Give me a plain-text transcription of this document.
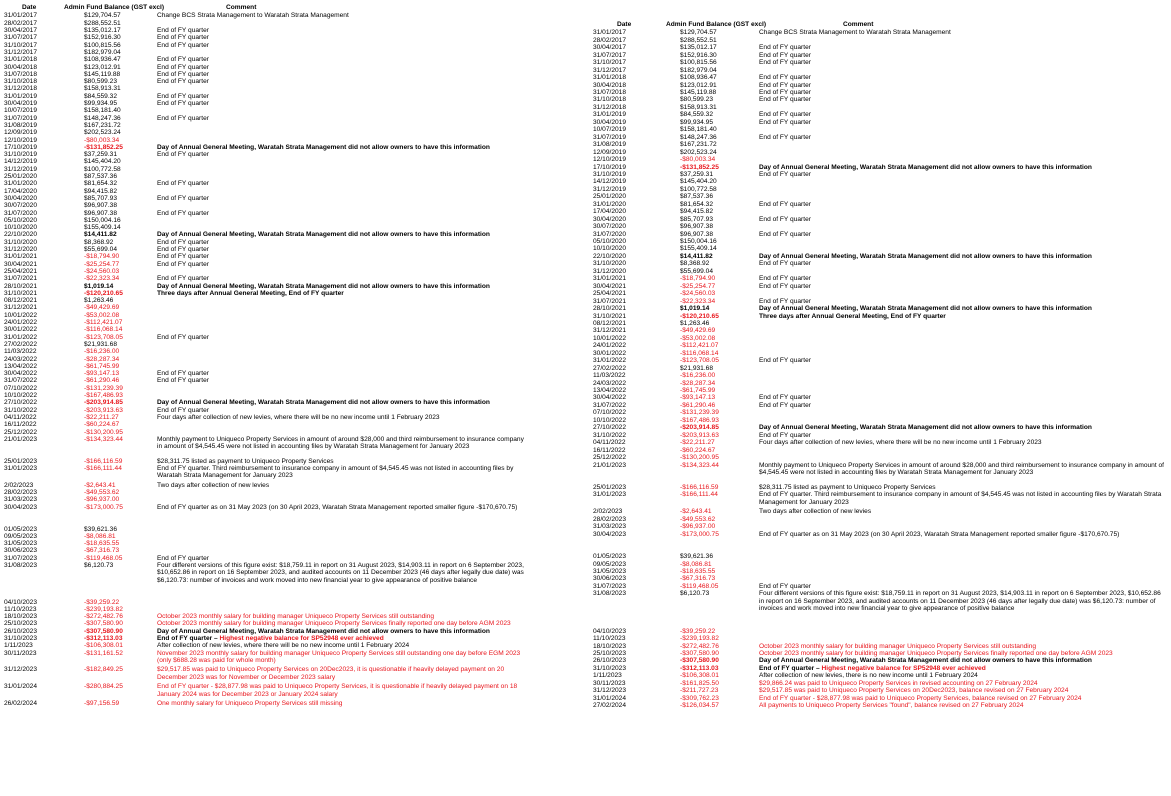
Date	Admin Fund Balance (GST excl)	Comment
31/01/2017	$129,704.57	Change BCS Strata Management to Waratah Strata Management
28/02/2017	$288,552.51
30/04/2017	$135,012.17	End of FY quarter
31/07/2017	$152,916.30	End of FY quarter
31/10/2017	$100,815.56	End of FY quarter
31/12/2017	$182,979.04
31/01/2018	$108,936.47	End of FY quarter
30/04/2018	$123,012.91	End of FY quarter
31/07/2018	$145,119.88	End of FY quarter
31/10/2018	$80,599.23	End of FY quarter
31/12/2018	$158,913.31
31/01/2019	$84,559.32	End of FY quarter
30/04/2019	$99,934.95	End of FY quarter
10/07/2019	$158,181.40
31/07/2019	$148,247.36	End of FY quarter
31/08/2019	$167,231.72
12/09/2019	$202,523.24
12/10/2019	-$80,003.34
17/10/2019	-$131,852.25	Day of Annual General Meeting, Waratah Strata Management did not allow owners to have this information
31/10/2019	$37,259.31	End of FY quarter
14/12/2019	$145,404.20
31/12/2019	$100,772.58
25/01/2020	$87,537.36
31/01/2020	$81,654.32	End of FY quarter
17/04/2020	$94,415.82
30/04/2020	$85,707.93	End of FY quarter
30/07/2020	$96,907.38
31/07/2020	$96,907.38	End of FY quarter
05/10/2020	$150,004.16
10/10/2020	$155,409.14
22/10/2020	$14,411.82	Day of Annual General Meeting, Waratah Strata Management did not allow owners to have this information
31/10/2020	$8,368.92	End of FY quarter
31/12/2020	$55,699.04	End of FY quarter
31/01/2021	-$18,794.90	End of FY quarter
30/04/2021	-$25,254.77	End of FY quarter
25/04/2021	-$24,560.03
31/07/2021	-$22,323.34	End of FY quarter
28/10/2021	$1,019.14	Day of Annual General Meeting, Waratah Strata Management did not allow owners to have this information
31/10/2021	-$120,210.65	Three days after Annual General Meeting, End of FY quarter
08/12/2021	$1,263.46
31/12/2021	-$49,429.69
10/01/2022	-$53,002.08
24/01/2022	-$112,421.07
30/01/2022	-$116,068.14
31/01/2022	-$123,708.05	End of FY quarter
27/02/2022	$21,931.68
11/03/2022	-$16,236.00
24/03/2022	-$28,287.34
13/04/2022	-$61,745.99
30/04/2022	-$93,147.13	End of FY quarter
31/07/2022	-$61,290.46	End of FY quarter
07/10/2022	-$131,239.39
10/10/2022	-$167,486.93
27/10/2022	-$203,914.85	Day of Annual General Meeting, Waratah Strata Management did not allow owners to have this information
31/10/2022	-$203,913.63	End of FY quarter
04/11/2022	-$22,211.27	Four days after collection of new levies, where there will be no new income until 1 February 2023
16/11/2022	-$60,224.67
25/12/2022	-$130,200.95
21/01/2023	-$134,323.44	Monthly payment to Uniqueco Property Services in amount of around $28,000 and third reimbursement to insurance company in amount of $4,545.45 were not listed in accounting files by Waratah Strata Management for January 2023
25/01/2023	-$166,116.59	$28,311.75 listed as payment to Uniqueco Property Services
31/01/2023	-$166,111.44	End of FY quarter. Third reimbursement to insurance company in amount of $4,545.45 was not listed in accounting files by Waratah Strata Management for January 2023
2/02/2023	-$2,643.41	Two days after collection of new levies
28/02/2023	-$49,553.62
31/03/2023	-$96,937.00
30/04/2023	-$173,000.75	End of FY quarter as on 31 May 2023 (on 30 April 2023, Waratah Strata Management reported smaller figure -$170,670.75)
01/05/2023	$39,621.36
09/05/2023	-$8,086.81
31/05/2023	-$18,635.55
30/06/2023	-$67,316.73
31/07/2023	-$119,468.05	End of FY quarter
31/08/2023	$6,120.73	Four different versions of this figure exist: $18,759.11 in report on 31 August 2023, $14,903.11 in report on 6 September 2023, $10,652.86 in report on 16 September 2023, and audited accounts on 11 December 2023 (46 days after legally due date) was $6,120.73: number of invoices and work moved into new financial year to give appearance of positive balance
04/10/2023	-$39,259.22
11/10/2023	-$239,193.82
18/10/2023	-$272,482.76	October 2023 monthly salary for building manager Uniqueco Property Services still outstanding
25/10/2023	-$307,580.90	October 2023 monthly salary for building manager Uniqueco Property Services finally reported one day before AGM 2023
26/10/2023	-$307,580.90	Day of Annual General Meeting, Waratah Strata Management did not allow owners to have this information
31/10/2023	-$312,113.03	End of FY quarter – Highest negative balance for SP52948 ever achieved
1/11/2023	-$106,308.01	After collection of new levies, where there will be no new income until 1 February 2024
30/11/2023	-$131,161.52	November 2023 monthly salary for building manager Uniqueco Property Services still outstanding one day before EGM 2023 (only $688.28 was paid for whole month)
31/12/2023	-$182,849.25	$29,517.85 was paid to Uniqueco Property Services on 20Dec2023, it is questionable if heavily delayed payment on 20 December 2023 was for November or December 2023 salary
31/01/2024	-$280,884.25	End of FY quarter - $28,877.98 was paid to Uniqueco Property Services, it is questionable if heavily delayed payment on 18 January 2024 was for December 2023 or January 2024 salary
26/02/2024	-$97,156.59	One monthly salary for Uniqueco Property Services still missing
Date	Admin Fund Balance (GST excl)	Comment
31/01/2017	$129,704.57	Change BCS Strata Management to Waratah Strata Management
28/02/2017	$288,552.51
30/04/2017	$135,012.17	End of FY quarter
31/07/2017	$152,916.30	End of FY quarter
31/10/2017	$100,815.56	End of FY quarter
31/12/2017	$182,979.04
31/01/2018	$108,936.47	End of FY quarter
30/04/2018	$123,012.91	End of FY quarter
31/07/2018	$145,119.88	End of FY quarter
31/10/2018	$80,599.23	End of FY quarter
31/12/2018	$158,913.31
31/01/2019	$84,559.32	End of FY quarter
30/04/2019	$99,934.95	End of FY quarter
10/07/2019	$158,181.40
31/07/2019	$148,247.36	End of FY quarter
31/08/2019	$167,231.72
12/09/2019	$202,523.24
12/10/2019	-$80,003.34
17/10/2019	-$131,852.25	Day of Annual General Meeting, Waratah Strata Management did not allow owners to have this information
31/10/2019	$37,259.31	End of FY quarter
14/12/2019	$145,404.20
31/12/2019	$100,772.58
25/01/2020	$87,537.36
31/01/2020	$81,654.32	End of FY quarter
17/04/2020	$94,415.82
30/04/2020	$85,707.93	End of FY quarter
30/07/2020	$96,907.38
31/07/2020	$96,907.38	End of FY quarter
05/10/2020	$150,004.16
10/10/2020	$155,409.14
22/10/2020	$14,411.82	Day of Annual General Meeting, Waratah Strata Management did not allow owners to have this information
31/10/2020	$8,368.92	End of FY quarter
31/12/2020	$55,699.04
31/01/2021	-$18,794.90	End of FY quarter
30/04/2021	-$25,254.77	End of FY quarter
25/04/2021	-$24,560.03
31/07/2021	-$22,323.34	End of FY quarter
28/10/2021	$1,019.14	Day of Annual General Meeting, Waratah Strata Management did not allow owners to have this information
31/10/2021	-$120,210.65	Three days after Annual General Meeting, End of FY quarter
08/12/2021	$1,263.46
31/12/2021	-$49,429.69
10/01/2022	-$53,002.08
24/01/2022	-$112,421.07
30/01/2022	-$116,068.14
31/01/2022	-$123,708.05	End of FY quarter
27/02/2022	$21,931.68
11/03/2022	-$16,236.00
24/03/2022	-$28,287.34
13/04/2022	-$61,745.99
30/04/2022	-$93,147.13	End of FY quarter
31/07/2022	-$61,290.46	End of FY quarter
07/10/2022	-$131,239.39
10/10/2022	-$167,486.93
27/10/2022	-$203,914.85	Day of Annual General Meeting, Waratah Strata Management did not allow owners to have this information
31/10/2022	-$203,913.63	End of FY quarter
04/11/2022	-$22,211.27	Four days after collection of new levies, where there will be no new income until 1 February 2023
16/11/2022	-$60,224.67
25/12/2022	-$130,200.95
21/01/2023	-$134,323.44	Monthly payment to Uniqueco Property Services in amount of around $28,000 and third reimbursement to insurance company in amount of $4,545.45 were not listed in accounting files by Waratah Strata Management for January 2023
25/01/2023	-$166,116.59	$28,311.75 listed as payment to Uniqueco Property Services
31/01/2023	-$166,111.44	End of FY quarter. Third reimbursement to insurance company in amount of $4,545.45 was not listed in accounting files by Waratah Strata Management for January 2023
2/02/2023	-$2,643.41	Two days after collection of new levies
28/02/2023	-$49,553.62
31/03/2023	-$96,937.00
30/04/2023	-$173,000.75	End of FY quarter as on 31 May 2023 (on 30 April 2023, Waratah Strata Management reported smaller figure -$170,670.75)
01/05/2023	$39,621.36
09/05/2023	-$8,086.81
31/05/2023	-$18,635.55
30/06/2023	-$67,316.73
31/07/2023	-$119,468.05	End of FY quarter
31/08/2023	$6,120.73	Four different versions of this figure exist: $18,759.11 in report on 31 August 2023, $14,903.11 in report on 6 September 2023, $10,652.86 in report on 16 September 2023, and audited accounts on 11 December 2023 (46 days after legally due date) was $6,120.73: number of invoices and work moved into new financial year to give appearance of positive balance
04/10/2023	-$39,259.22
11/10/2023	-$239,193.82
18/10/2023	-$272,482.76	October 2023 monthly salary for building manager Uniqueco Property Services still outstanding
25/10/2023	-$307,580.90	October 2023 monthly salary for building manager Uniqueco Property Services finally reported one day before AGM 2023
26/10/2023	-$307,580.90	Day of Annual General Meeting, Waratah Strata Management did not allow owners to have this information
31/10/2023	-$312,113.03	End of FY quarter – Highest negative balance for SP52948 ever achieved
1/11/2023	-$106,308.01	After collection of new levies, there is no new income until 1 February 2024
30/11/2023	-$161,825.50	$29,866.24 was paid to Uniqueco Property Services in revised accounting on 27 February 2024
31/12/2023	-$211,727.23	$29,517.85 was paid to Uniqueco Property Services on 20Dec2023, balance revised on 27 February 2024
31/01/2024	-$309,762.23	End of FY quarter - $28,877.98 was paid to Uniqueco Property Services, balance revised on 27 February 2024
27/02/2024	-$126,034.57	All payments to Uniqueco Property Services "found", balance revised on 27 February 2024
